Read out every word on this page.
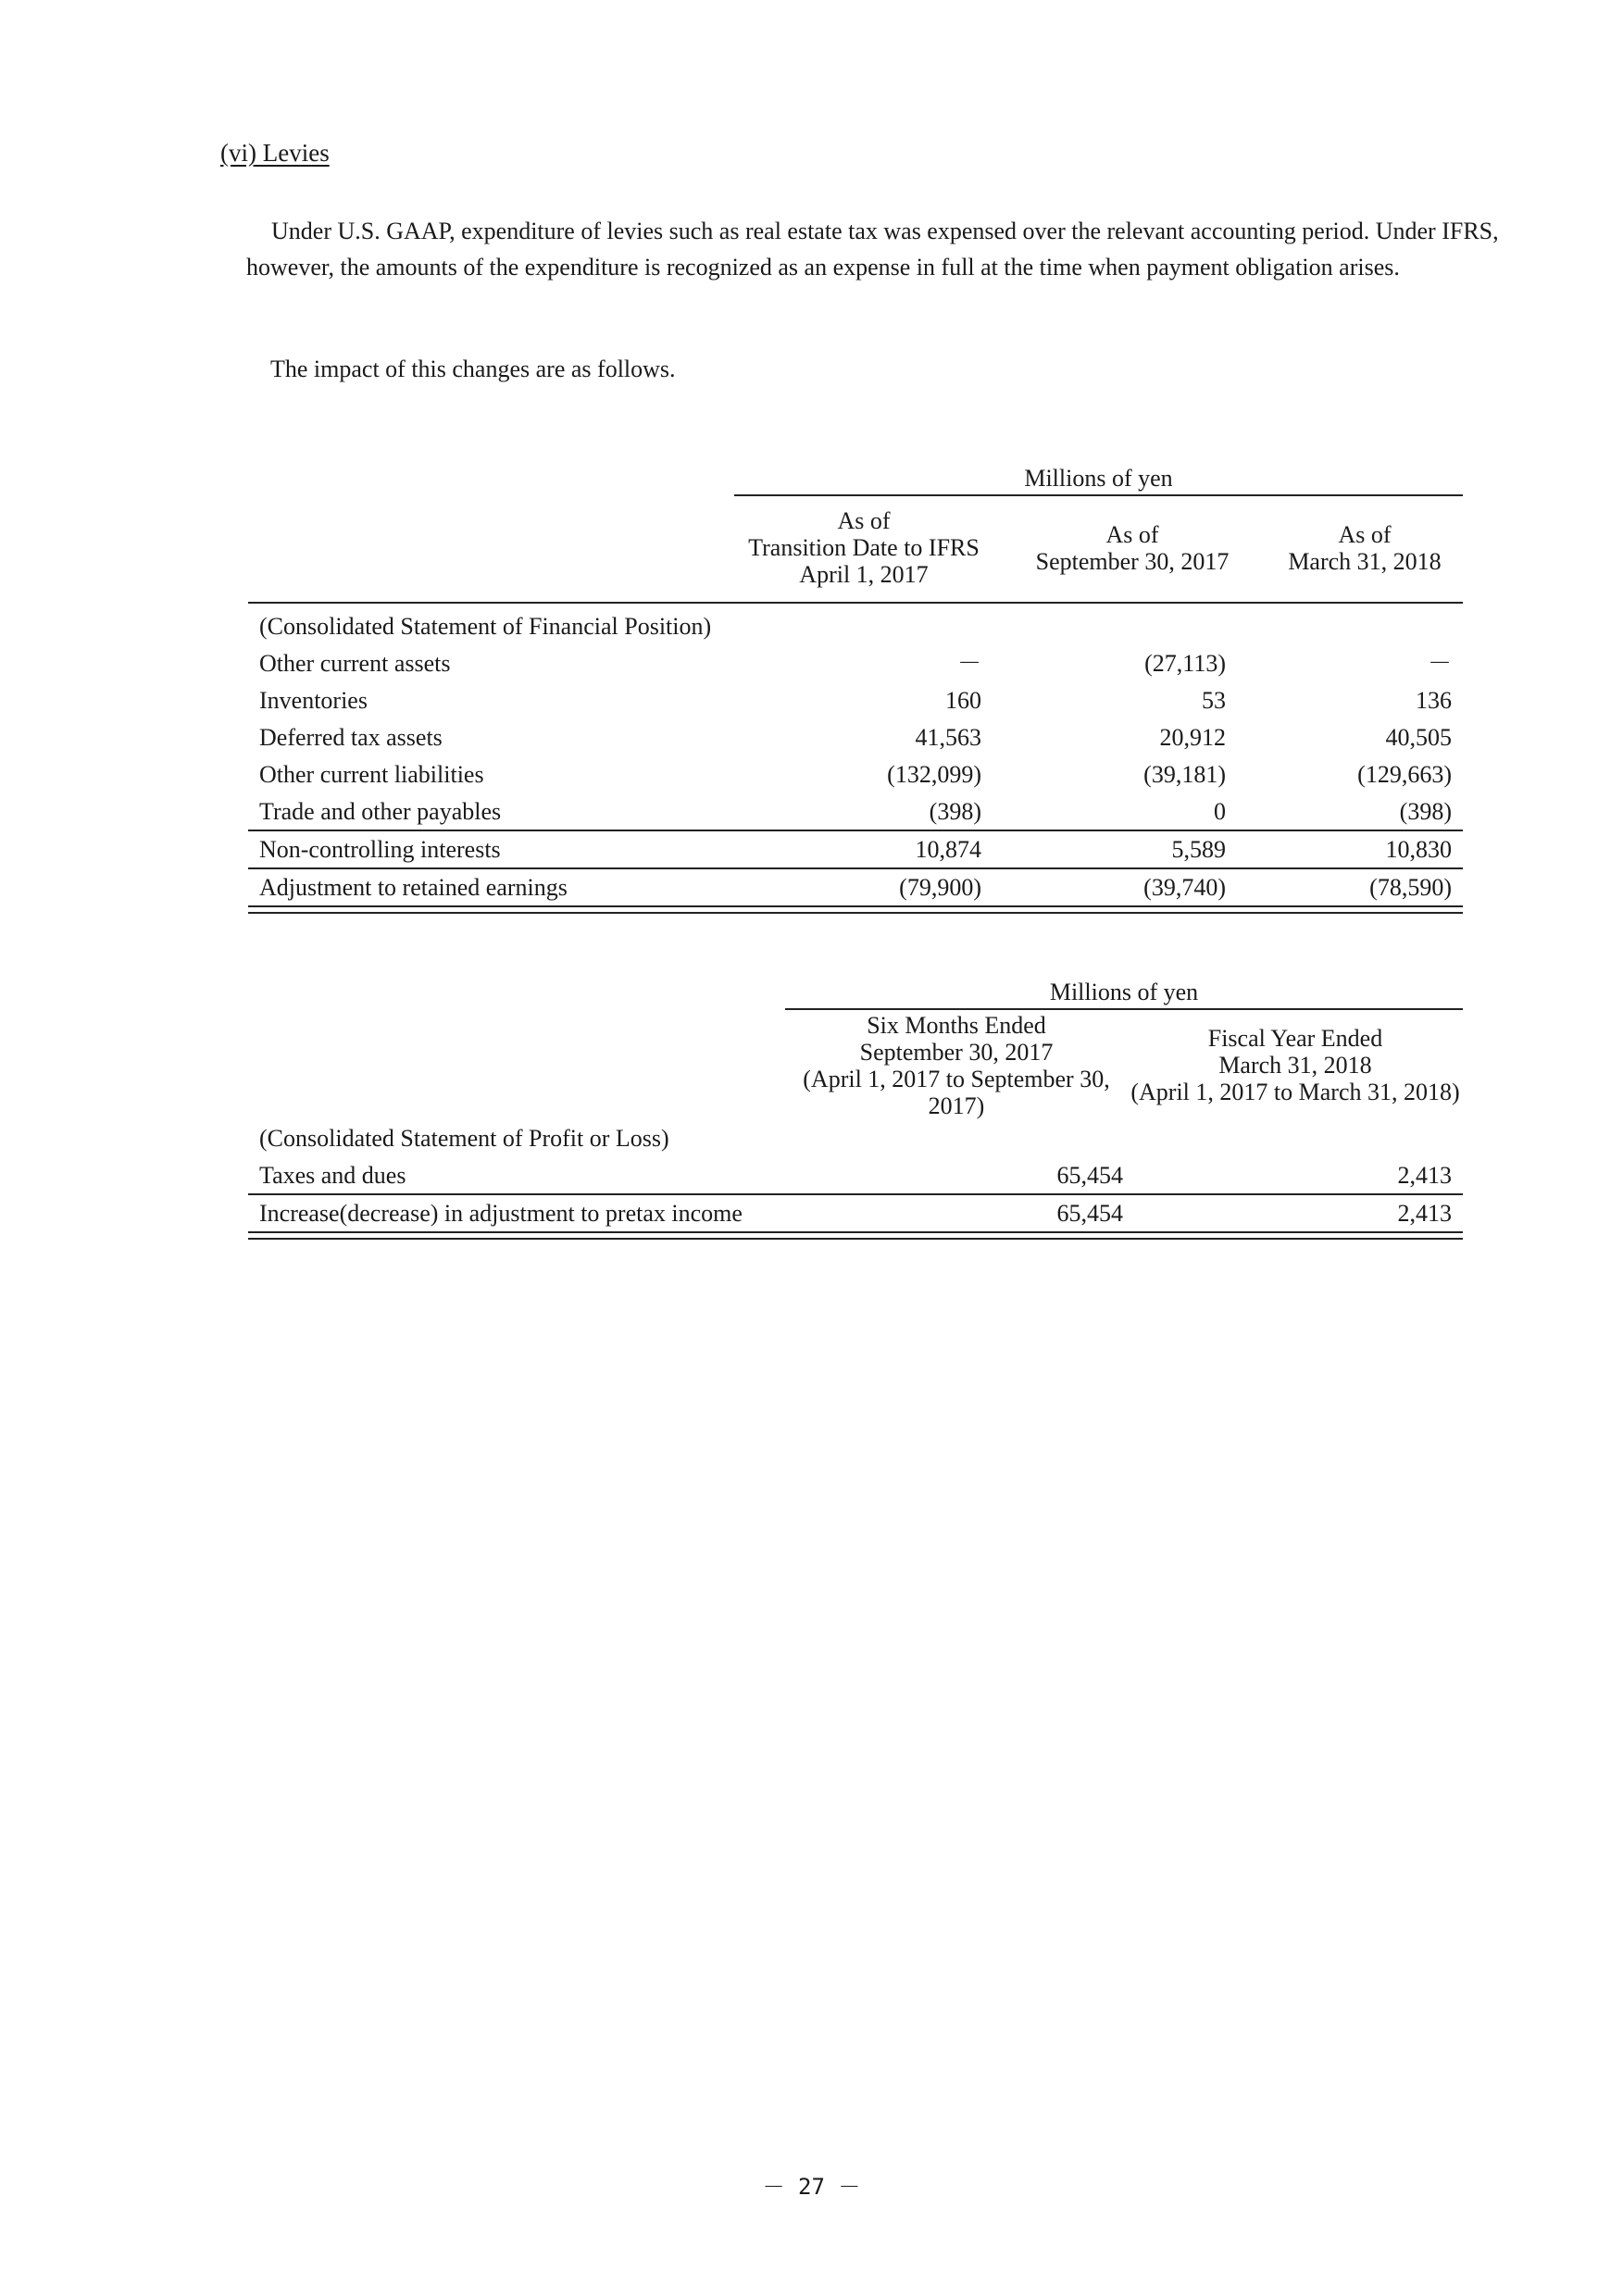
(vi) Levies
Under U.S. GAAP, expenditure of levies such as real estate tax was expensed over the relevant accounting period. Under IFRS, however, the amounts of the expenditure is recognized as an expense in full at the time when payment obligation arises.
The impact of this changes are as follows.
Millions of yen
As of
Transition Date to IFRS
April 1, 2017
As of
September 30, 2017
As of
March 31, 2018
(Consolidated Statement of Financial Position)
Other current assets	－	(27,113)	－
Inventories	160	53	136
Deferred tax assets	41,563	20,912	40,505
Other current liabilities	(132,099)	(39,181)	(129,663)
Trade and other payables	(398)	0	(398)
Non-controlling interests	10,874	5,589	10,830
Adjustment to retained earnings	(79,900)	(39,740)	(78,590)
Millions of yen
Six Months Ended
September 30, 2017
(April 1, 2017 to September 30,
2017)
Fiscal Year Ended
March 31, 2018
(April 1, 2017 to March 31, 2018)
(Consolidated Statement of Profit or Loss)
Taxes and dues	65,454	2,413
Increase(decrease) in adjustment to pretax income	65,454	2,413
－ 27 －
